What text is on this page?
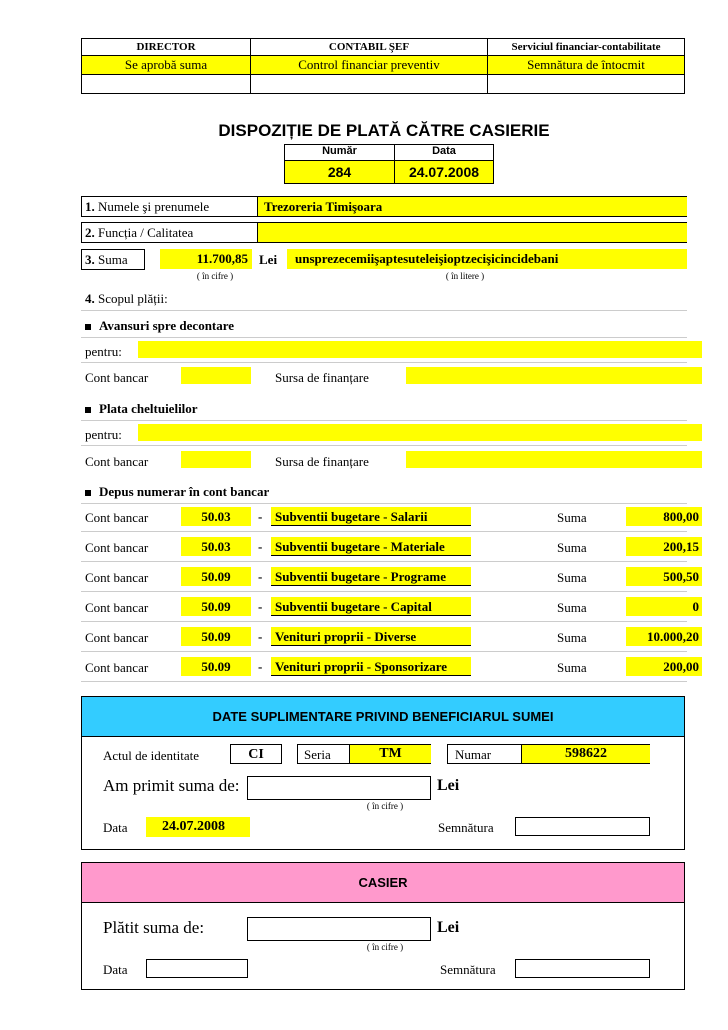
DIRECTOR	CONTABIL ŞEF	Serviciul financiar-contabilitate
Se aprobă suma	Control financiar preventiv	Semnătura de întocmit

DISPOZIȚIE DE PLATĂ CĂTRE CASIERIE
Număr	Data
284	24.07.2008
1. Numele şi prenumele	Trezoreria Timişoara
2. Funcția / Calitatea
3. Suma	11.700,85 Lei	unsprezecemiişaptesuteleişioptzecişicincidebani
( în cifre )	( în litere )
4. Scopul plății:
Avansuri spre decontare
pentru:
Cont bancar	Sursa de finanțare
Plata cheltuielilor
pentru:
Cont bancar	Sursa de finanțare
Depus numerar în cont bancar
Cont bancar	50.03	- Subventii bugetare - Salarii	Suma	800,00
Cont bancar	50.03	- Subventii bugetare - Materiale	Suma	200,15
Cont bancar	50.09	- Subventii bugetare - Programe	Suma	500,50
Cont bancar	50.09	- Subventii bugetare - Capital	Suma	0
Cont bancar	50.09	- Venituri proprii - Diverse	Suma	10.000,20
Cont bancar	50.09	- Venituri proprii - Sponsorizare	Suma	200,00
DATE SUPLIMENTARE PRIVIND BENEFICIARUL SUMEI
Actul de identitate	CI	Seria	TM	Numar	598622
Am primit suma de:	Lei
( în cifre )
Data	24.07.2008	Semnătura
CASIER
Plătit suma de:	Lei
( în cifre )
Data	Semnătura
